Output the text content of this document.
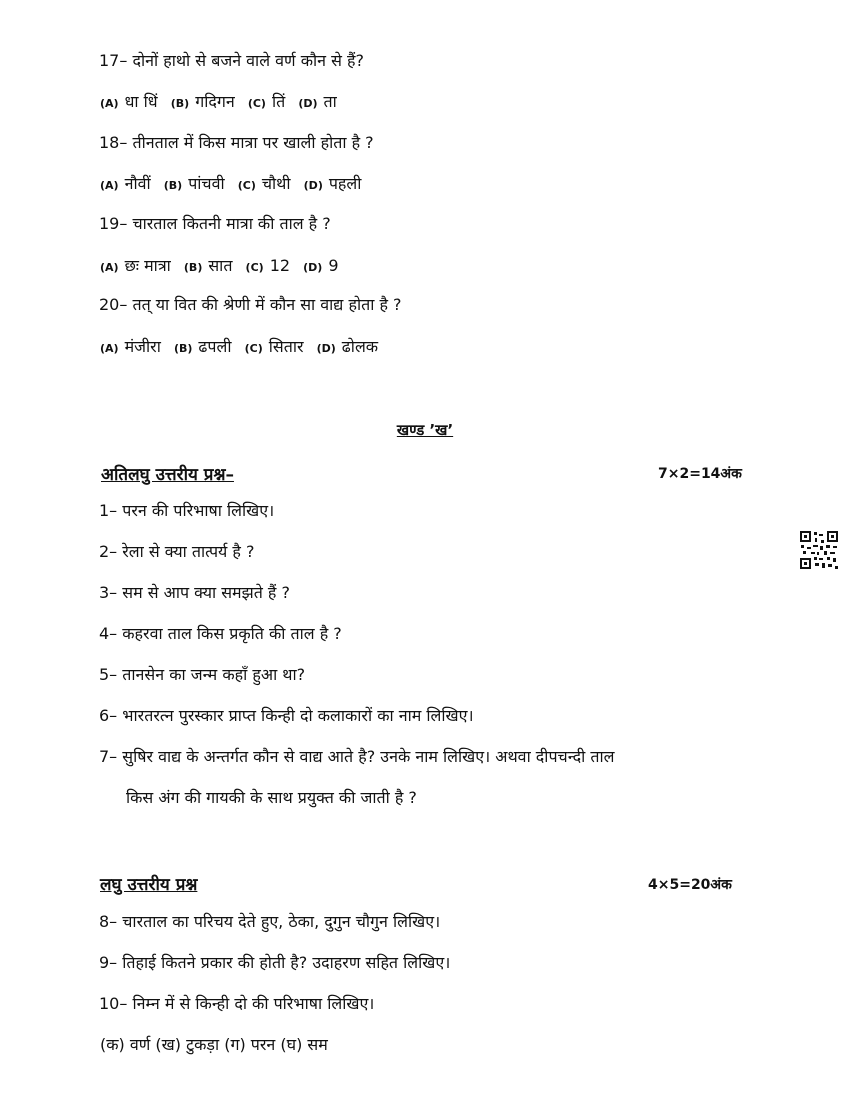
17– दोनों हाथो से बजने वाले वर्ण कौन से हैं?
(A) धा धिं (B) गदिगन (C) तिं (D) ता
18– तीनताल में किस मात्रा पर खाली होता है ?
(A) नौवीं (B) पांचवी (C) चौथी (D) पहली
19– चारताल कितनी मात्रा की ताल है ?
(A) छः मात्रा (B) सात (C) 12 (D) 9
20– तत् या वित की श्रेणी में कौन सा वाद्य होता है ?
(A) मंजीरा (B) ढपली (C) सितार (D) ढोलक
खण्ड ’ख’
अतिलघु उत्तरीय प्रश्न–	7×2=14अंक
1– परन की परिभाषा लिखिए।
2– रेला से क्या तात्पर्य है ?
3– सम से आप क्या समझते हैं ?
4– कहरवा ताल किस प्रकृति की ताल है ?
5– तानसेन का जन्म कहाँ हुआ था?
6– भारतरत्न पुरस्कार प्राप्त किन्ही दो कलाकारों का नाम लिखिए।
7– सुषिर वाद्य के अन्तर्गत कौन से वाद्य आते है? उनके नाम लिखिए। अथवा दीपचन्दी ताल
किस अंग की गायकी के साथ प्रयुक्त की जाती है ?
लघु उत्तरीय प्रश्न	4×5=20अंक
8– चारताल का परिचय देते हुए, ठेका, दुगुन चौगुन लिखिए।
9– तिहाई कितने प्रकार की होती है? उदाहरण सहित लिखिए।
10– निम्न में से किन्ही दो की परिभाषा लिखिए।
(क) वर्ण (ख) टुकड़ा (ग) परन (घ) सम
